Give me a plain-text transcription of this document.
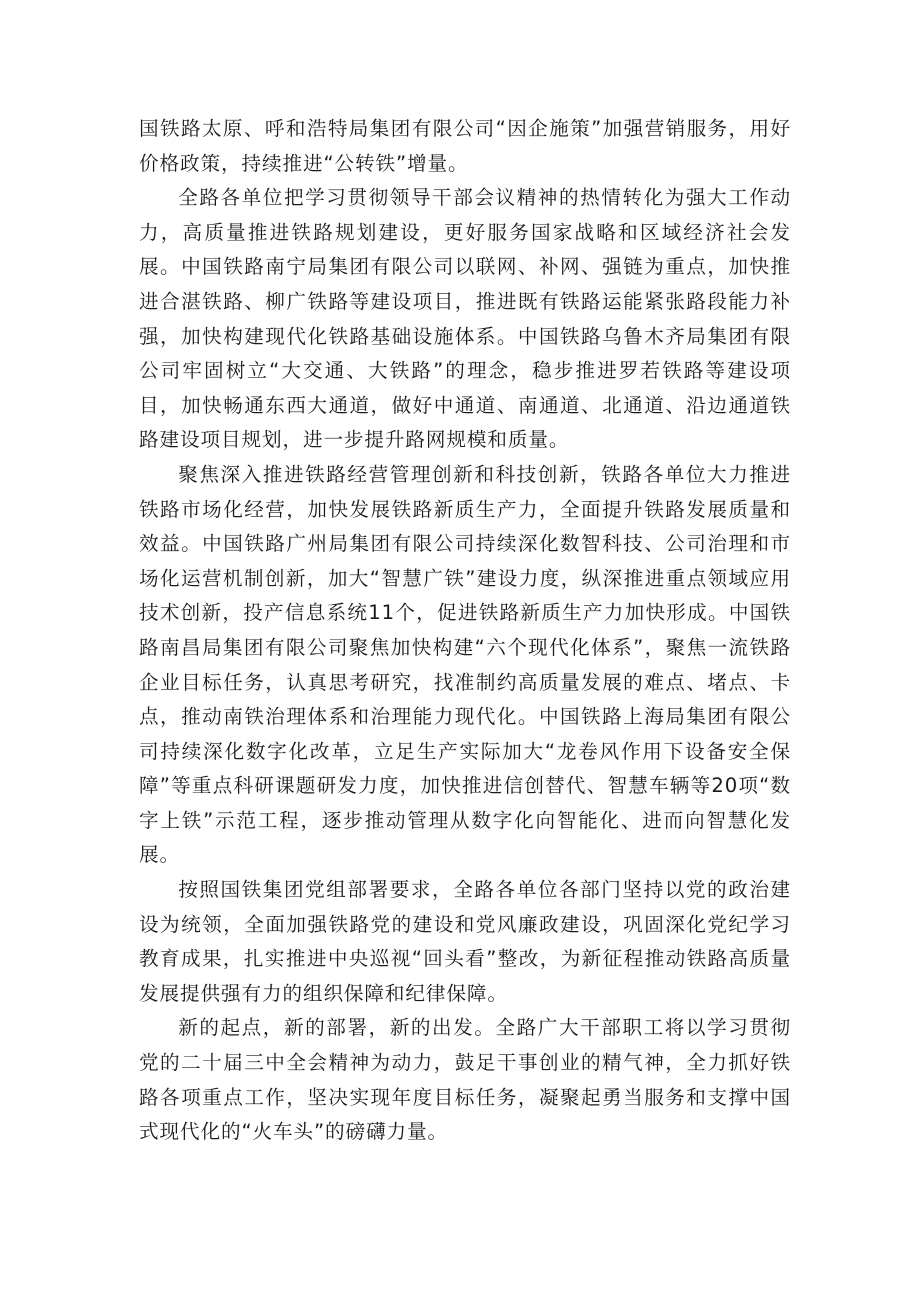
国铁路太原、呼和浩特局集团有限公司“因企施策”加强营销服务，用好价格政策，持续推进“公转铁”增量。

全路各单位把学习贯彻领导干部会议精神的热情转化为强大工作动力，高质量推进铁路规划建设，更好服务国家战略和区域经济社会发展。中国铁路南宁局集团有限公司以联网、补网、强链为重点，加快推进合湛铁路、柳广铁路等建设项目，推进既有铁路运能紧张路段能力补强，加快构建现代化铁路基础设施体系。中国铁路乌鲁木齐局集团有限公司牢固树立“大交通、大铁路”的理念，稳步推进罗若铁路等建设项目，加快畅通东西大通道，做好中通道、南通道、北通道、沿边通道铁路建设项目规划，进一步提升路网规模和质量。

聚焦深入推进铁路经营管理创新和科技创新，铁路各单位大力推进铁路市场化经营，加快发展铁路新质生产力，全面提升铁路发展质量和效益。中国铁路广州局集团有限公司持续深化数智科技、公司治理和市场化运营机制创新，加大“智慧广铁”建设力度，纵深推进重点领域应用技术创新，投产信息系统11个，促进铁路新质生产力加快形成。中国铁路南昌局集团有限公司聚焦加快构建“六个现代化体系”，聚焦一流铁路企业目标任务，认真思考研究，找准制约高质量发展的难点、堵点、卡点，推动南铁治理体系和治理能力现代化。中国铁路上海局集团有限公司持续深化数字化改革，立足生产实际加大“龙卷风作用下设备安全保障”等重点科研课题研发力度，加快推进信创替代、智慧车辆等20项“数字上铁”示范工程，逐步推动管理从数字化向智能化、进而向智慧化发展。

按照国铁集团党组部署要求，全路各单位各部门坚持以党的政治建设为统领，全面加强铁路党的建设和党风廉政建设，巩固深化党纪学习教育成果，扎实推进中央巡视“回头看”整改，为新征程推动铁路高质量发展提供强有力的组织保障和纪律保障。

新的起点，新的部署，新的出发。全路广大干部职工将以学习贯彻党的二十届三中全会精神为动力，鼓足干事创业的精气神，全力抓好铁路各项重点工作，坚决实现年度目标任务，凝聚起勇当服务和支撑中国式现代化的“火车头”的磅礴力量。
